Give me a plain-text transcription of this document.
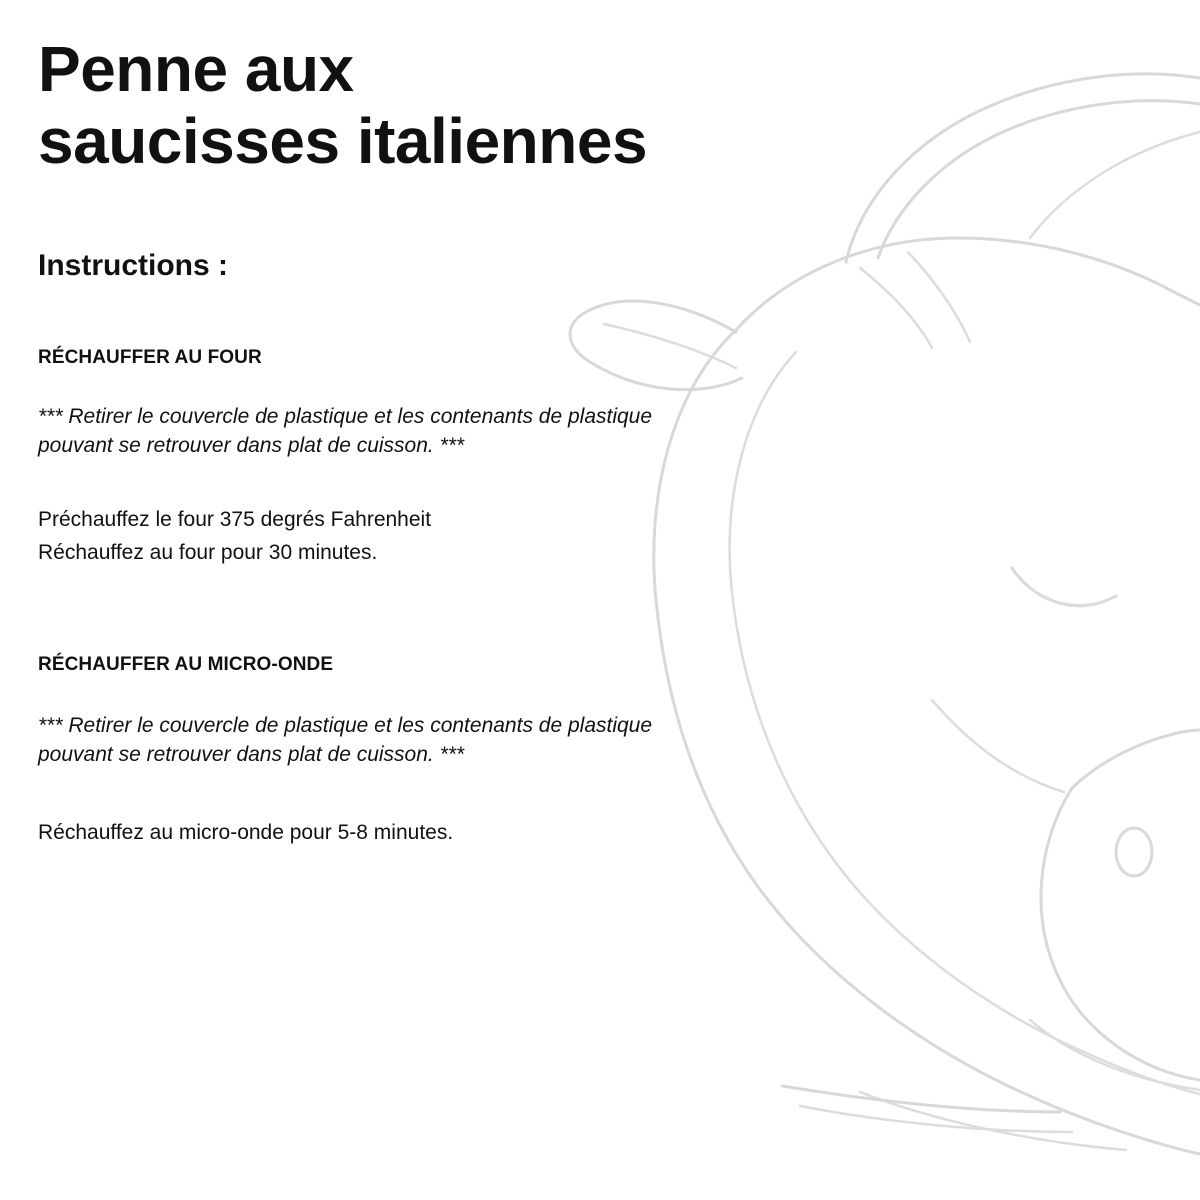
Penne aux saucisses italiennes
Instructions :
RÉCHAUFFER AU FOUR
*** Retirer le couvercle de plastique et les contenants de plastique pouvant se retrouver dans plat de cuisson. ***
Préchauffez le four 375 degrés Fahrenheit
Réchauffez au four pour 30 minutes.
RÉCHAUFFER AU MICRO-ONDE
*** Retirer le couvercle de plastique et les contenants de plastique pouvant se retrouver dans plat de cuisson. ***
Réchauffez au micro-onde pour 5-8 minutes.
